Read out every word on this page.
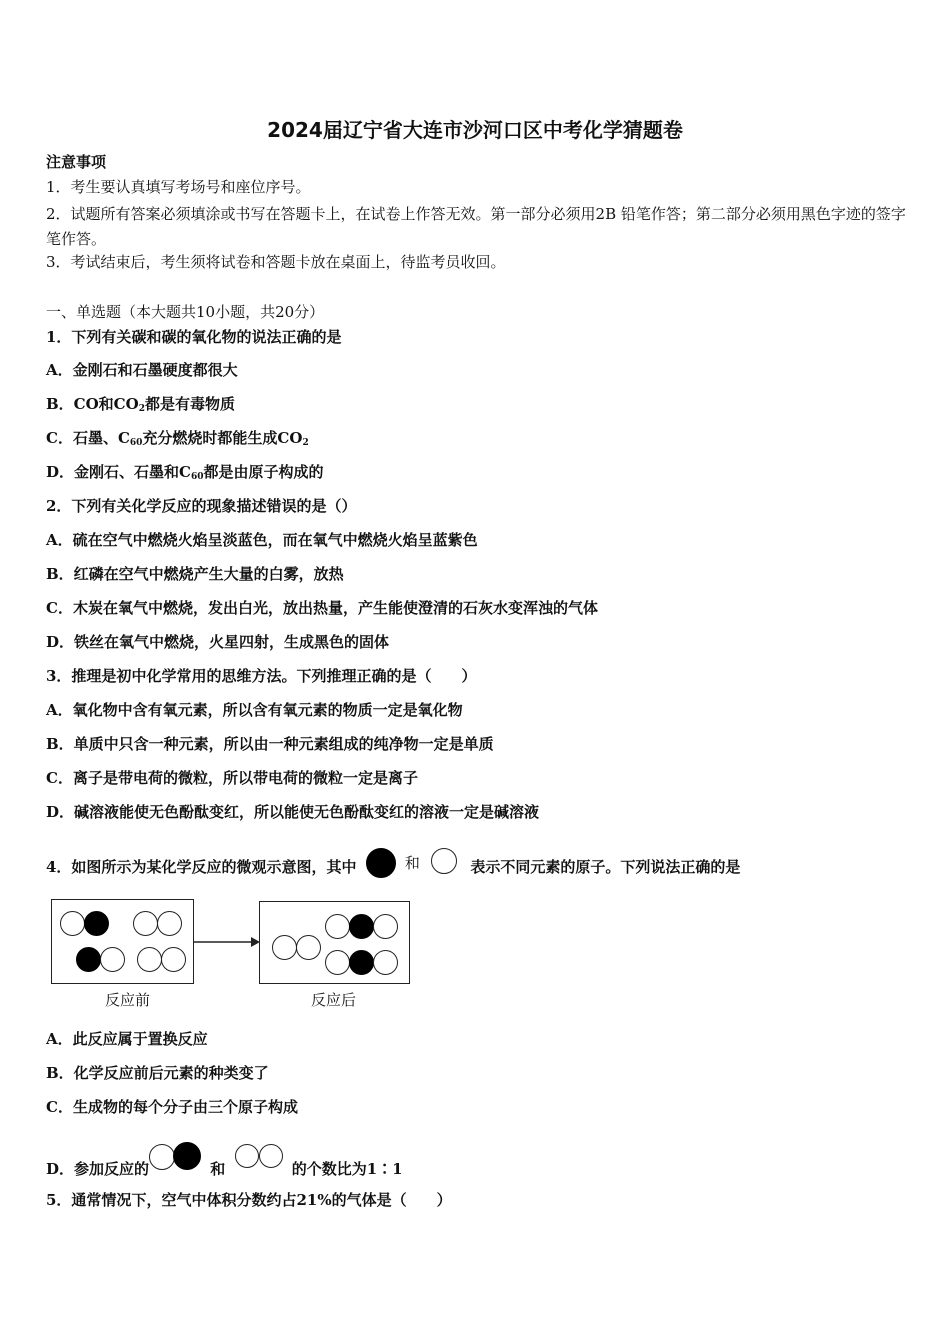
2024届辽宁省大连市沙河口区中考化学猜题卷
注意事项
1．考生要认真填写考场号和座位序号。
2．试题所有答案必须填涂或书写在答题卡上，在试卷上作答无效。第一部分必须用2B 铅笔作答；第二部分必须用黑色字迹的签字笔作答。
3．考试结束后，考生须将试卷和答题卡放在桌面上，待监考员收回。
一、单选题（本大题共10小题，共20分）
1．下列有关碳和碳的氧化物的说法正确的是
A．金刚石和石墨硬度都很大
B．CO和$CO_2$都是有毒物质
C．石墨、$C_{60}$充分燃烧时都能生成$CO_2$
D．金刚石、石墨和$C_{60}$都是由原子构成的
2．下列有关化学反应的现象描述错误的是（）
A．硫在空气中燃烧火焰呈淡蓝色，而在氧气中燃烧火焰呈蓝紫色
B．红磷在空气中燃烧产生大量的白雾，放热
C．木炭在氧气中燃烧，发出白光，放出热量，产生能使澄清的石灰水变浑浊的气体
D．铁丝在氧气中燃烧，火星四射，生成黑色的固体
3．推理是初中化学常用的思维方法。下列推理正确的是（　　）
A．氧化物中含有氧元素，所以含有氧元素的物质一定是氧化物
B．单质中只含一种元素，所以由一种元素组成的纯净物一定是单质
C．离子是带电荷的微粒，所以带电荷的微粒一定是离子
D．碱溶液能使无色酚酞变红，所以能使无色酚酞变红的溶液一定是碱溶液
4．如图所示为某化学反应的微观示意图，其中	和	表示不同元素的原子。下列说法正确的是
反应前	反应后
A．此反应属于置换反应
B．化学反应前后元素的种类变了
C．生成物的每个分子由三个原子构成
D．参加反应的	和	的个数比为1∶1
5．通常情况下，空气中体积分数约占21%的气体是（　　）
